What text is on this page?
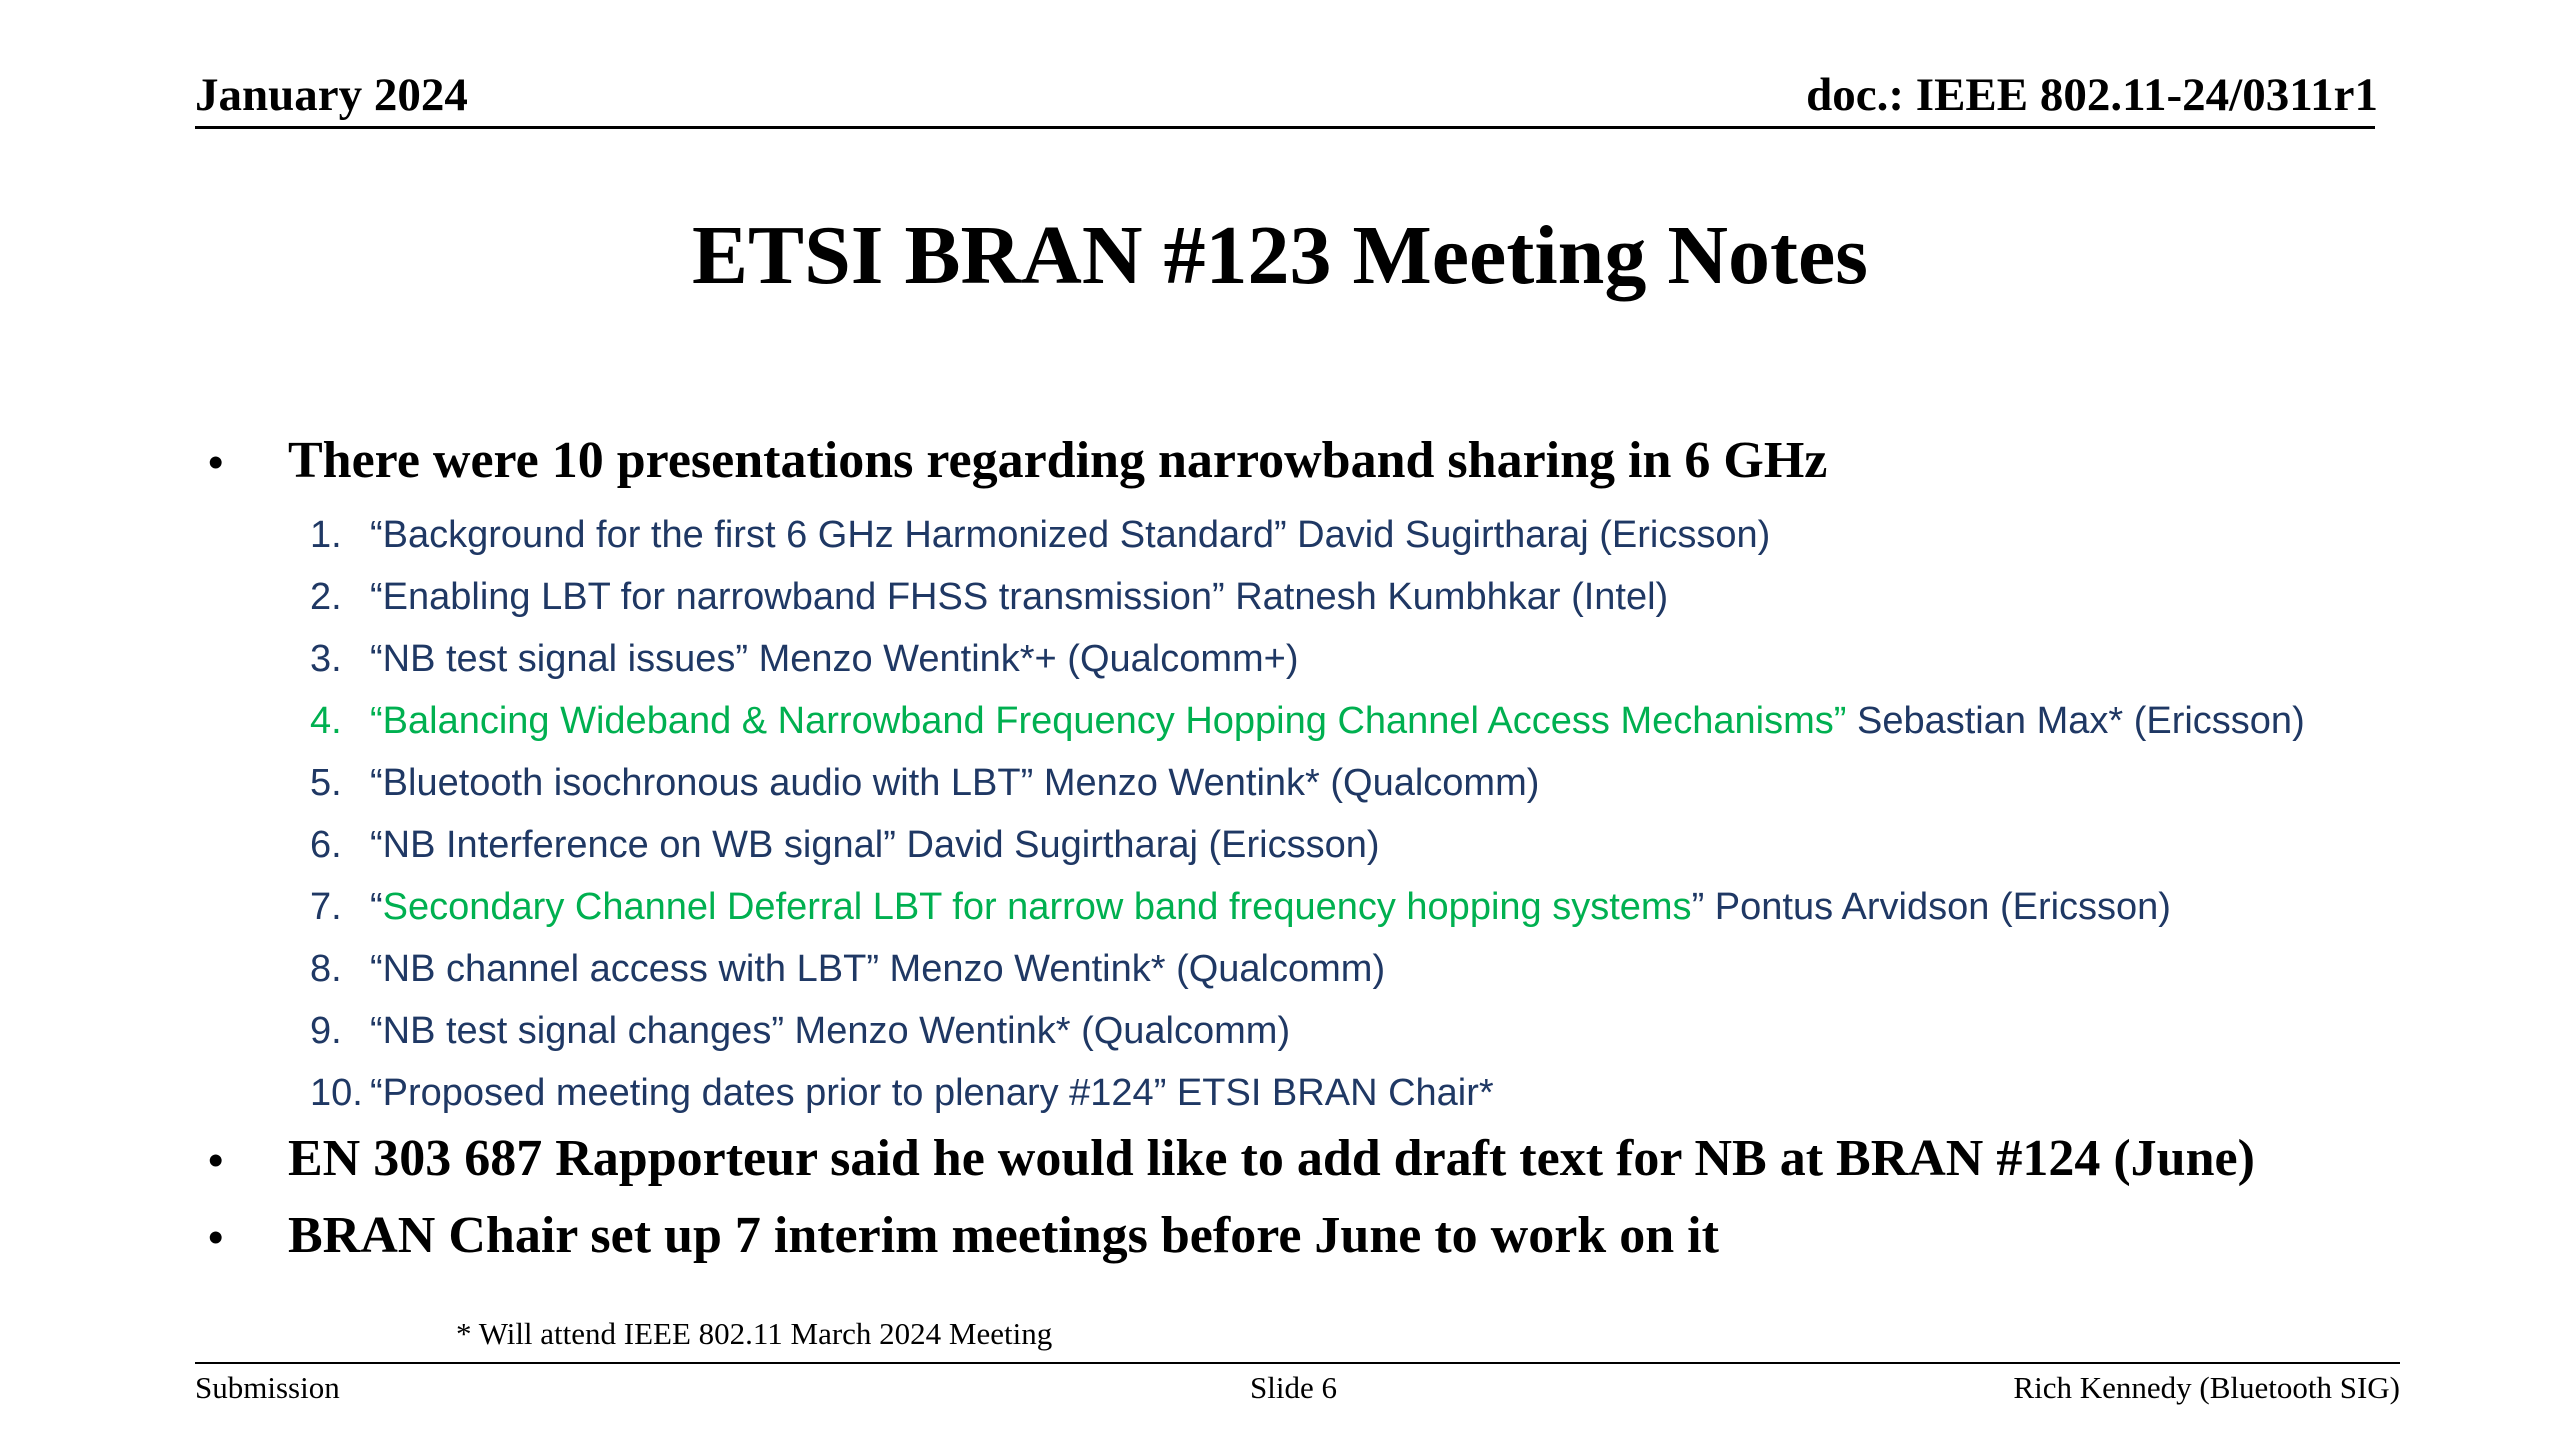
January 2024	doc.: IEEE 802.11-24/0311r1
ETSI BRAN #123 Meeting Notes
• There were 10 presentations regarding narrowband sharing in 6 GHz
1. “Background for the first 6 GHz Harmonized Standard” David Sugirtharaj (Ericsson)
2. “Enabling LBT for narrowband FHSS transmission” Ratnesh Kumbhkar (Intel)
3. “NB test signal issues” Menzo Wentink*+ (Qualcomm+)
4. “Balancing Wideband & Narrowband Frequency Hopping Channel Access Mechanisms” Sebastian Max* (Ericsson)
5. “Bluetooth isochronous audio with LBT” Menzo Wentink* (Qualcomm)
6. “NB Interference on WB signal” David Sugirtharaj (Ericsson)
7. “Secondary Channel Deferral LBT for narrow band frequency hopping systems” Pontus Arvidson (Ericsson)
8. “NB channel access with LBT” Menzo Wentink* (Qualcomm)
9. “NB test signal changes” Menzo Wentink* (Qualcomm)
10. “Proposed meeting dates prior to plenary #124” ETSI BRAN Chair*
• EN 303 687 Rapporteur said he would like to add draft text for NB at BRAN #124 (June)
• BRAN Chair set up 7 interim meetings before June to work on it
* Will attend IEEE 802.11 March 2024 Meeting
Submission	Slide 6	Rich Kennedy (Bluetooth SIG)
